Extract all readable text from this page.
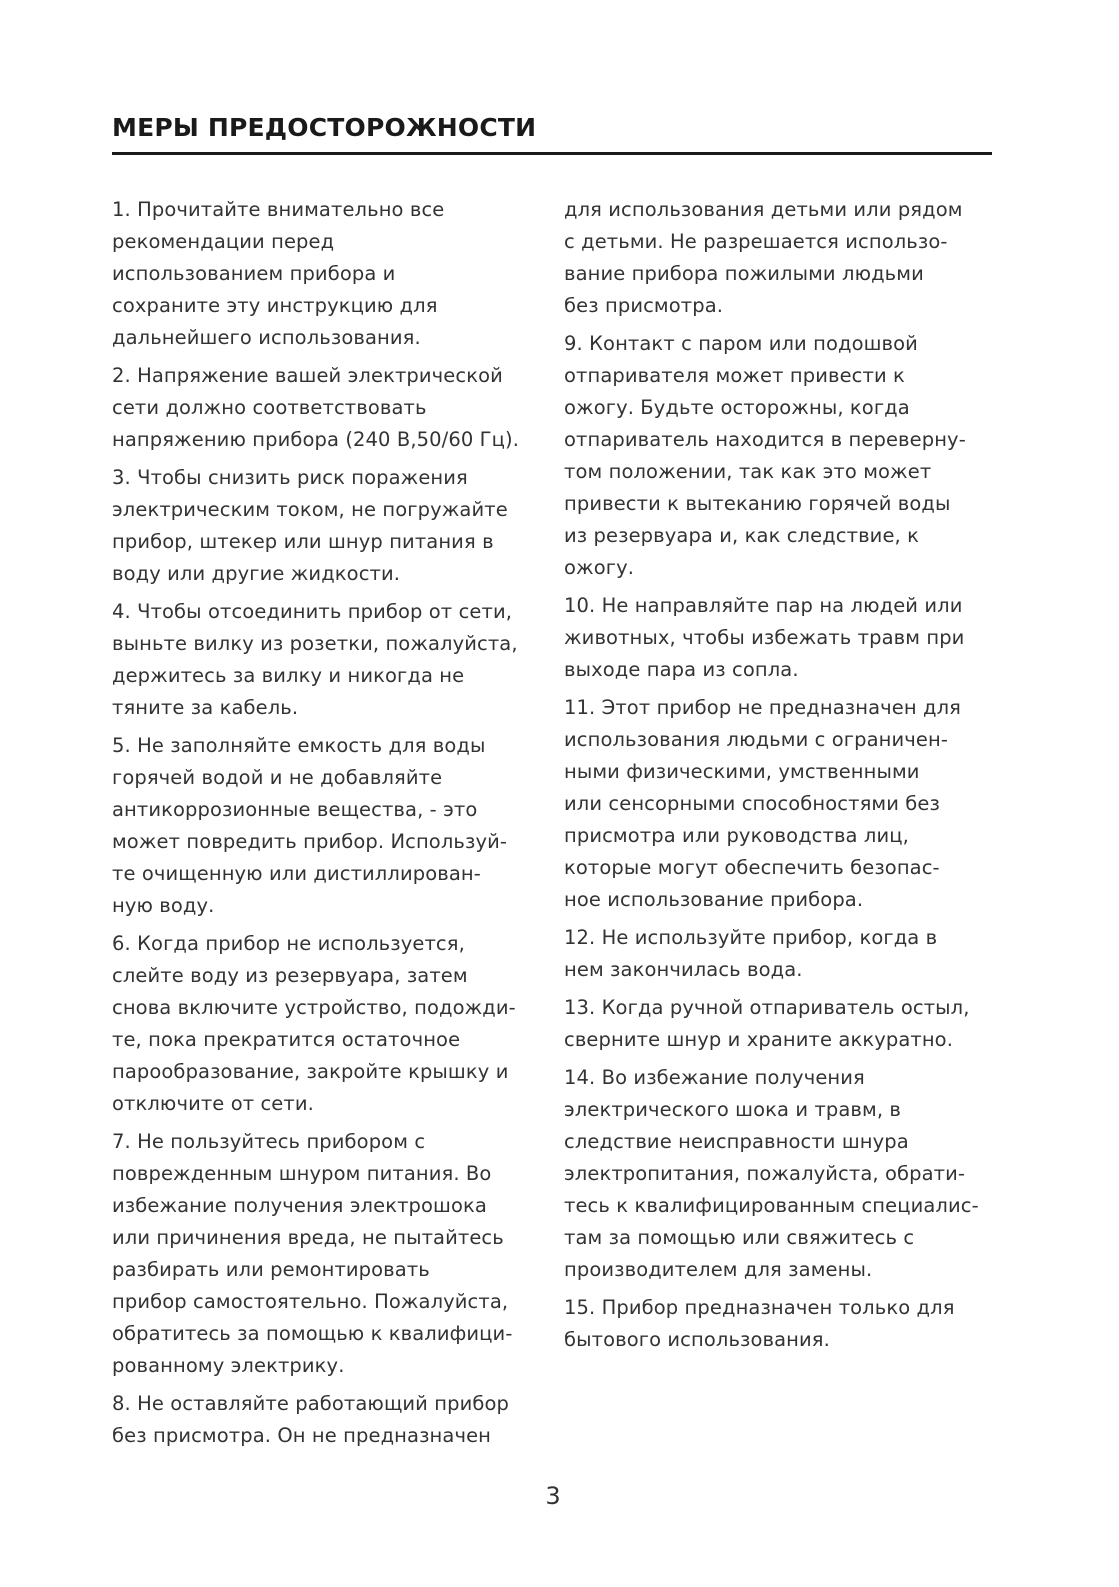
МЕРЫ ПРЕДОСТОРОЖНОСТИ
1. Прочитайте внимательно все
рекомендации перед
использованием прибора и
сохраните эту инструкцию для
дальнейшего использования.
2. Напряжение вашей электрической
сети должно соответствовать
напряжению прибора (240 В,50/60 Гц).
3. Чтобы снизить риск поражения
электрическим током, не погружайте
прибор, штекер или шнур питания в
воду или другие жидкости.
4. Чтобы отсоединить прибор от сети,
выньте вилку из розетки, пожалуйста,
держитесь за вилку и никогда не
тяните за кабель.
5. Не заполняйте емкость для воды
горячей водой и не добавляйте
антикоррозионные вещества, - это
может повредить прибор. Используй-
те очищенную или дистиллирован-
ную воду.
6. Когда прибор не используется,
слейте воду из резервуара, затем
снова включите устройство, подожди-
те, пока прекратится остаточное
парообразование, закройте крышку и
отключите от сети.
7. Не пользуйтесь прибором с
поврежденным шнуром питания. Во
избежание получения электрошока
или причинения вреда, не пытайтесь
разбирать или ремонтировать
прибор самостоятельно. Пожалуйста,
обратитесь за помощью к квалифици-
рованному электрику.
8. Не оставляйте работающий прибор
без присмотра. Он не предназначен
для использования детьми или рядом
с детьми. Не разрешается использо-
вание прибора пожилыми людьми
без присмотра.
9. Контакт с паром или подошвой
отпаривателя может привести к
ожогу. Будьте осторожны, когда
отпариватель находится в переверну-
том положении, так как это может
привести к вытеканию горячей воды
из резервуара и, как следствие, к
ожогу.
10. Не направляйте пар на людей или
животных, чтобы избежать травм при
выходе пара из сопла.
11. Этот прибор не предназначен для
использования людьми с ограничен-
ными физическими, умственными
или сенсорными способностями без
присмотра или руководства лиц,
которые могут обеспечить безопас-
ное использование прибора.
12. Не используйте прибор, когда в
нем закончилась вода.
13. Когда ручной отпариватель остыл,
сверните шнур и храните аккуратно.
14. Во избежание получения
электрического шока и травм, в
следствие неисправности шнура
электропитания, пожалуйста, обрати-
тесь к квалифицированным специалис-
там за помощью или свяжитесь с
производителем для замены.
15. Прибор предназначен только для
бытового использования.
3
